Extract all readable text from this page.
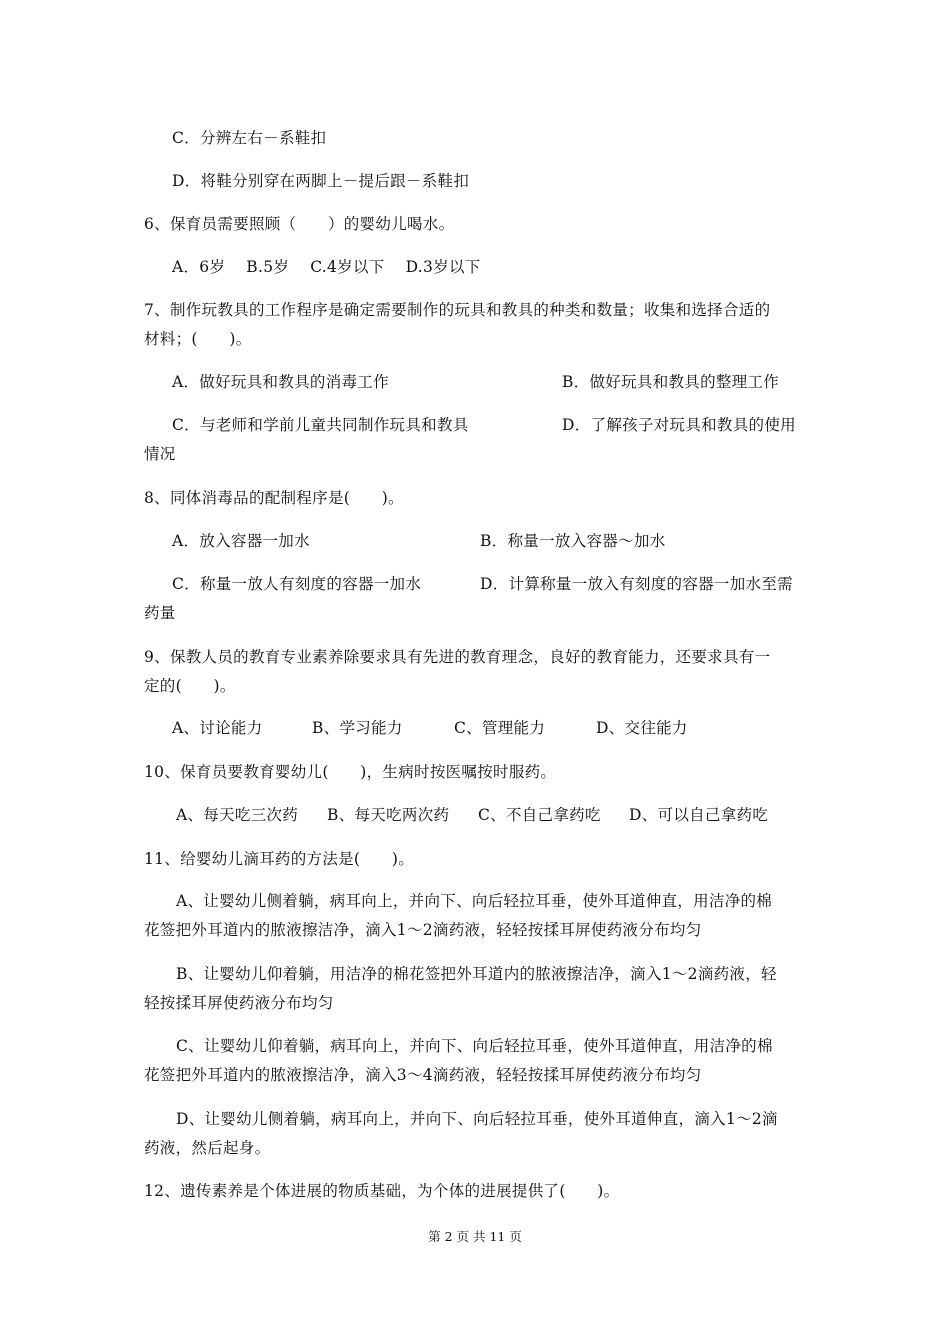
C．分辨左右－系鞋扣
D．将鞋分别穿在两脚上－提后跟－系鞋扣
6、保育员需要照顾（　　）的婴幼儿喝水。
A．6岁　 B.5岁　 C.4岁以下　 D.3岁以下
7、制作玩教具的工作程序是确定需要制作的玩具和教具的种类和数量；收集和选择合适的
材料；(　　)。
A．做好玩具和教具的消毒工作	B．做好玩具和教具的整理工作
C．与老师和学前儿童共同制作玩具和教具	D．了解孩子对玩具和教具的使用
情况
8、同体消毒品的配制程序是(　　)。
A．放入容器一加水	B．称量一放入容器～加水
C．称量一放人有刻度的容器一加水	D．计算称量一放入有刻度的容器一加水至需
药量
9、保教人员的教育专业素养除要求具有先进的教育理念，良好的教育能力，还要求具有一
定的(　　)。
A、讨论能力	B、学习能力	C、管理能力	D、交往能力
10、保育员要教育婴幼儿(　　)，生病时按医嘱按时服药。
A、每天吃三次药 B、每天吃两次药 C、不自己拿药吃 D、可以自己拿药吃
11、给婴幼儿滴耳药的方法是(　　)。
A、让婴幼儿侧着躺，病耳向上，并向下、向后轻拉耳垂，使外耳道伸直，用洁净的棉
花签把外耳道内的脓液擦洁净，滴入1～2滴药液，轻轻按揉耳屏使药液分布均匀
B、让婴幼儿仰着躺，用洁净的棉花签把外耳道内的脓液擦洁净，滴入1～2滴药液，轻
轻按揉耳屏使药液分布均匀
C、让婴幼儿仰着躺，病耳向上，并向下、向后轻拉耳垂，使外耳道伸直，用洁净的棉
花签把外耳道内的脓液擦洁净，滴入3～4滴药液，轻轻按揉耳屏使药液分布均匀
D、让婴幼儿侧着躺，病耳向上，并向下、向后轻拉耳垂，使外耳道伸直，滴入1～2滴
药液，然后起身。
12、遗传素养是个体进展的物质基础，为个体的进展提供了(　　)。
第 2 页 共 11 页
